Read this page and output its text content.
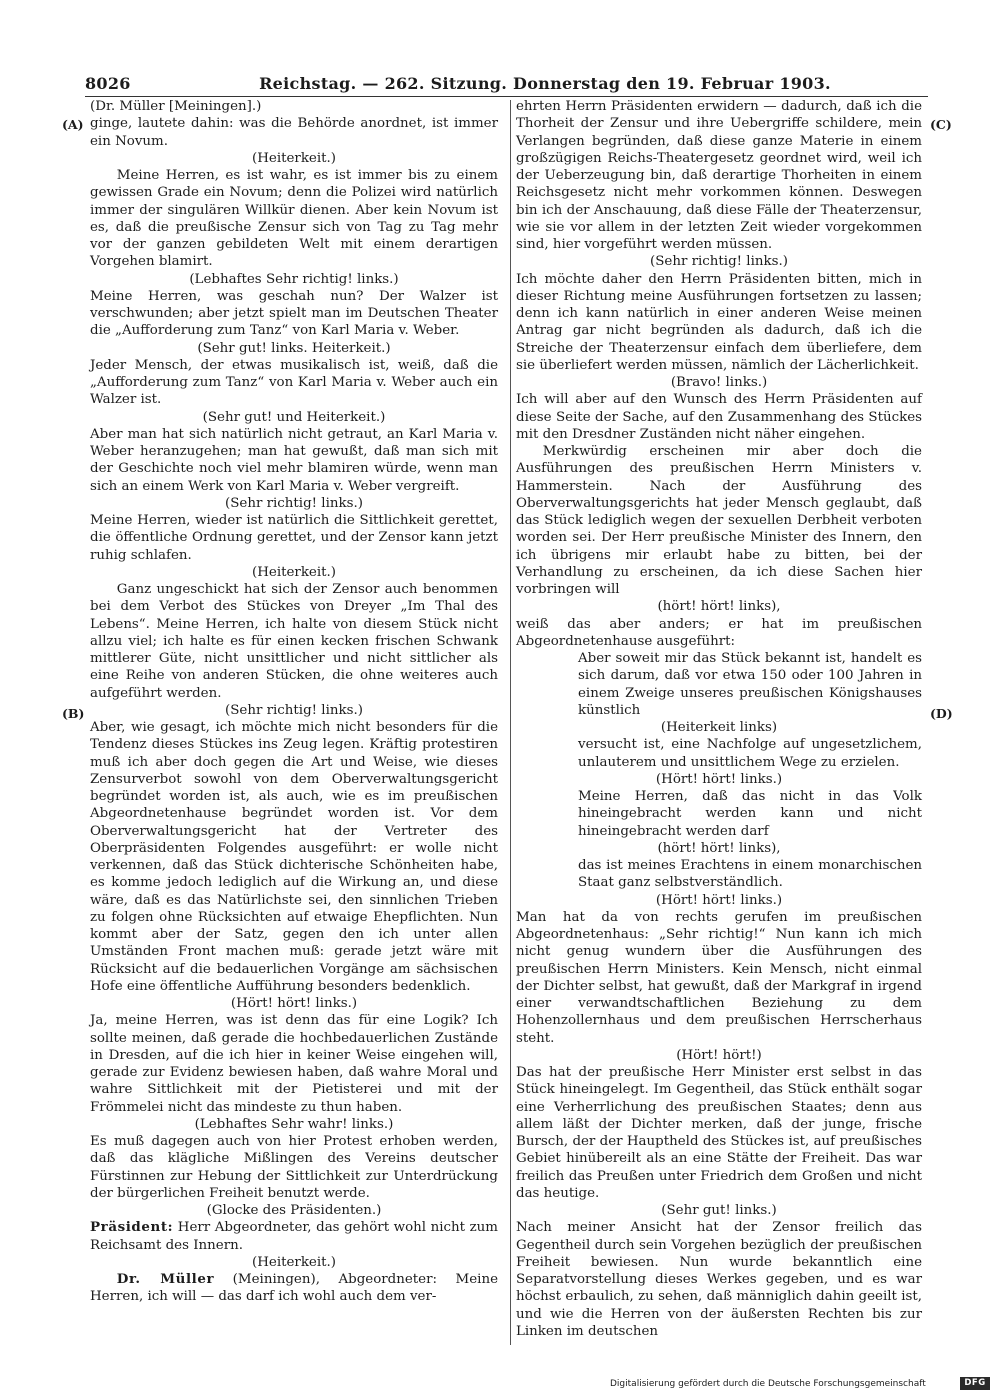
8026	Reichstag. — 262. Sitzung. Donnerstag den 19. Februar 1903.
(A)
(B)
(C)
(D)

(Dr. Müller [Meiningen].)

ginge, lautete dahin: was die Behörde anordnet, ist immer ein Novum.

(Heiterkeit.)

Meine Herren, es ist wahr, es ist immer bis zu einem gewissen Grade ein Novum; denn die Polizei wird natürlich immer der singulären Willkür dienen. Aber kein Novum ist es, daß die preußische Zensur sich von Tag zu Tag mehr vor der ganzen gebildeten Welt mit einem derartigen Vorgehen blamirt.

(Lebhaftes Sehr richtig! links.)

Meine Herren, was geschah nun? Der Walzer ist verschwunden; aber jetzt spielt man im Deutschen Theater die „Aufforderung zum Tanz“ von Karl Maria v. Weber.

(Sehr gut! links. Heiterkeit.)

Jeder Mensch, der etwas musikalisch ist, weiß, daß die „Aufforderung zum Tanz“ von Karl Maria v. Weber auch ein Walzer ist.

(Sehr gut! und Heiterkeit.)

Aber man hat sich natürlich nicht getraut, an Karl Maria v. Weber heranzugehen; man hat gewußt, daß man sich mit der Geschichte noch viel mehr blamiren würde, wenn man sich an einem Werk von Karl Maria v. Weber vergreift.

(Sehr richtig! links.)

Meine Herren, wieder ist natürlich die Sittlichkeit gerettet, die öffentliche Ordnung gerettet, und der Zensor kann jetzt ruhig schlafen.

(Heiterkeit.)

Ganz ungeschickt hat sich der Zensor auch benommen bei dem Verbot des Stückes von Dreyer „Im Thal des Lebens“. Meine Herren, ich halte von diesem Stück nicht allzu viel; ich halte es für einen keckеn frischen Schwank mittlerer Güte, nicht unsittlicher und nicht sittlicher als eine Reihe von anderen Stücken, die ohne weiteres auch aufgeführt werden.

(Sehr richtig! links.)

Aber, wie gesagt, ich möchte mich nicht besonders für die Tendenz dieses Stückes ins Zeug legen. Kräftig protestiren muß ich aber doch gegen die Art und Weise, wie dieses Zensurverbot sowohl von dem Oberverwaltungsgericht begründet worden ist, als auch, wie es im preußischen Abgeordnetenhause begründet worden ist. Vor dem Oberverwaltungsgericht hat der Vertreter des Oberpräsidenten Folgendes ausgeführt: er wolle nicht verkennen, daß das Stück dichterische Schönheiten habe, es komme jedoch lediglich auf die Wirkung an, und diese wäre, daß es das Natürlichste sei, den sinnlichen Trieben zu folgen ohne Rücksichten auf etwaige Ehepflichten. Nun kommt aber der Satz, gegen den ich unter allen Umständen Front machen muß: gerade jetzt wäre mit Rücksicht auf die bedauerlichen Vorgänge am sächsischen Hofe eine öffentliche Aufführung besonders bedenklich.

(Hört! hört! links.)

Ja, meine Herren, was ist denn das für eine Logik? Ich sollte meinen, daß gerade die hochbedauerlichen Zustände in Dresden, auf die ich hier in keiner Weise eingehen will, gerade zur Evidenz bewiesen haben, daß wahre Moral und wahre Sittlichkeit mit der Pietisterei und mit der Frömmelei nicht das mindeste zu thun haben.

(Lebhaftes Sehr wahr! links.)

Es muß dagegen auch von hier Protest erhoben werden, daß das klägliche Mißlingen des Vereins deutscher Fürstinnen zur Hebung der Sittlichkeit zur Unterdrückung der bürgerlichen Freiheit benutzt werde.

(Glocke des Präsidenten.)

Präsident: Herr Abgeordneter, das gehört wohl nicht zum Reichsamt des Innern.

(Heiterkeit.)

Dr. Müller (Meiningen), Abgeordneter: Meine Herren, ich will — das darf ich wohl auch dem ver-

ehrten Herrn Präsidenten erwidern — dadurch, daß ich die Thorheit der Zensur und ihre Uebergriffe schildere, mein Verlangen begründen, daß diese ganze Materie in einem großzügigen Reichs-Theatergesetz geordnet wird, weil ich der Ueberzeugung bin, daß derartige Thorheiten in einem Reichsgesetz nicht mehr vorkommen können. Deswegen bin ich der Anschauung, daß diese Fälle der Theaterzensur, wie sie vor allem in der letzten Zeit wieder vorgekommen sind, hier vorgeführt werden müssen.

(Sehr richtig! links.)

Ich möchte daher den Herrn Präsidenten bitten, mich in dieser Richtung meine Ausführungen fortsetzen zu lassen; denn ich kann natürlich in einer anderen Weise meinen Antrag gar nicht begründen als dadurch, daß ich die Streiche der Theaterzensur einfach dem überliefere, dem sie überliefert werden müssen, nämlich der Lächerlichkeit.

(Bravo! links.)

Ich will aber auf den Wunsch des Herrn Präsidenten auf diese Seite der Sache, auf den Zusammenhang des Stückes mit den Dresdner Zuständen nicht näher eingehen.

Merkwürdig erscheinen mir aber doch die Ausführungen des preußischen Herrn Ministers v. Hammerstein. Nach der Ausführung des Oberverwaltungsgerichts hat jeder Mensch geglaubt, daß das Stück lediglich wegen der sexuellen Derbheit verboten worden sei. Der Herr preußische Minister des Innern, den ich übrigens mir erlaubt habe zu bitten, bei der Verhandlung zu erscheinen, da ich diese Sachen hier vorbringen will

(hört! hört! links),

weiß das aber anders; er hat im preußischen Abgeordnetenhause ausgeführt:

Aber soweit mir das Stück bekannt ist, handelt es sich darum, daß vor etwa 150 oder 100 Jahren in einem Zweige unseres preußischen Königshauses künstlich

(Heiterkeit links)

versucht ist, eine Nachfolge auf ungesetzlichem, unlauterem und unsittlichem Wege zu erzielen.

(Hört! hört! links.)

Meine Herren, daß das nicht in das Volk hineingebracht werden kann und nicht hineingebracht werden darf

(hört! hört! links),

das ist meines Erachtens in einem monarchischen Staat ganz selbstverständlich.

(Hört! hört! links.)

Man hat da von rechts gerufen im preußischen Abgeordnetenhaus: „Sehr richtig!“ Nun kann ich mich nicht genug wundern über die Ausführungen des preußischen Herrn Ministers. Kein Mensch, nicht einmal der Dichter selbst, hat gewußt, daß der Markgraf in irgend einer verwandtschaftlichen Beziehung zu dem Hohenzollernhaus und dem preußischen Herrscherhaus steht.

(Hört! hört!)

Das hat der preußische Herr Minister erst selbst in das Stück hineingelegt. Im Gegentheil, das Stück enthält sogar eine Verherrlichung des preußischen Staates; denn aus allem läßt der Dichter merken, daß der junge, frische Bursch, der der Hauptheld des Stückes ist, auf preußisches Gebiet hinübereilt als an eine Stätte der Freiheit. Das war freilich das Preußen unter Friedrich dem Großen und nicht das heutige.

(Sehr gut! links.)

Nach meiner Ansicht hat der Zensor freilich das Gegentheil durch sein Vorgehen bezüglich der preußischen Freiheit bewiesen. Nun wurde bekanntlich eine Separatvorstellung dieses Werkes gegeben, und es war höchst erbaulich, zu sehen, daß männiglich dahin geeilt ist, und wie die Herren von der äußersten Rechten bis zur Linken im deutschen

Digitalisierung gefördert durch die Deutsche Forschungsgemeinschaft	DFG
